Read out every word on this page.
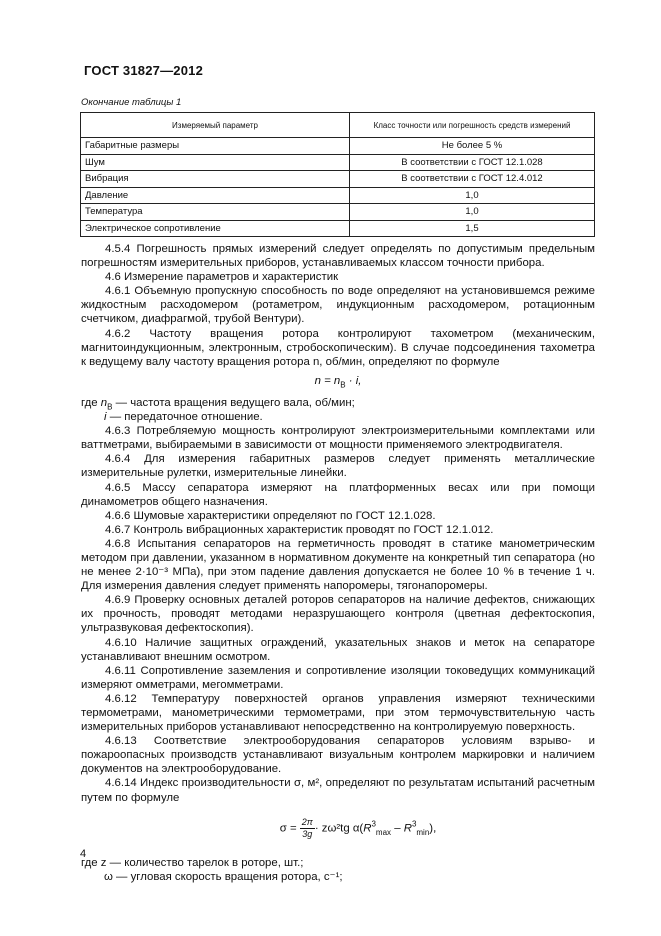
ГОСТ 31827—2012
Окончание таблицы 1
Измеряемый параметр	Класс точности или погрешность средств измерений
Габаритные размеры	Не более 5 %
Шум	В соответствии с ГОСТ 12.1.028
Вибрация	В соответствии с ГОСТ 12.4.012
Давление	1,0
Температура	1,0
Электрическое сопротивление	1,5

4.5.4 Погрешность прямых измерений следует определять по допустимым предельным погрешностям измерительных приборов, устанавливаемых классом точности прибора.

4.6 Измерение параметров и характеристик

4.6.1 Объемную пропускную способность по воде определяют на установившемся режиме жидкостным расходомером (ротаметром, индукционным расходомером, ротационным счетчиком, диафрагмой, трубой Вентури).

4.6.2 Частоту вращения ротора контролируют тахометром (механическим, магнитоиндукционным, электронным, стробоскопическим). В случае подсоединения тахометра к ведущему валу частоту вращения ротора n, об/мин, определяют по формуле

$n = n_B \cdot i$,
где $n_B$ — частота вращения ведущего вала, об/мин;
i — передаточное отношение.

4.6.3 Потребляемую мощность контролируют электроизмерительными комплектами или ваттметрами, выбираемыми в зависимости от мощности применяемого электродвигателя.

4.6.4 Для измерения габаритных размеров следует применять металлические измерительные рулетки, измерительные линейки.

4.6.5 Массу сепаратора измеряют на платформенных весах или при помощи динамометров общего назначения.

4.6.6 Шумовые характеристики определяют по ГОСТ 12.1.028.

4.6.7 Контроль вибрационных характеристик проводят по ГОСТ 12.1.012.

4.6.8 Испытания сепараторов на герметичность проводят в статике манометрическим методом при давлении, указанном в нормативном документе на конкретный тип сепаратора (но не менее 2·10⁻³ МПа), при этом падение давления допускается не более 10 % в течение 1 ч. Для измерения давления следует применять напоромеры, тягонапоромеры.

4.6.9 Проверку основных деталей роторов сепараторов на наличие дефектов, снижающих их прочность, проводят методами неразрушающего контроля (цветная дефектоскопия, ультразвуковая дефектоскопия).

4.6.10 Наличие защитных ограждений, указательных знаков и меток на сепараторе устанавливают внешним осмотром.

4.6.11 Сопротивление заземления и сопротивление изоляции токоведущих коммуникаций измеряют омметрами, мегомметрами.

4.6.12 Температуру поверхностей органов управления измеряют техническими термометрами, манометрическими термометрами, при этом термочувствительную часть измерительных приборов устанавливают непосредственно на контролируемую поверхность.

4.6.13 Соответствие электрооборудования сепараторов условиям взрыво- и пожароопасных производств устанавливают визуальным контролем маркировки и наличием документов на электрооборудование.

4.6.14 Индекс производительности σ, м², определяют по результатам испытаний расчетным путем по формуле

$\sigma = \frac{2\pi}{3g} \cdot z\omega^2tg$ $\alpha(R^3_{max} - R^3_{min})$,
где z — количество тарелок в роторе, шт.;
ω — угловая скорость вращения ротора, с⁻¹;
4
